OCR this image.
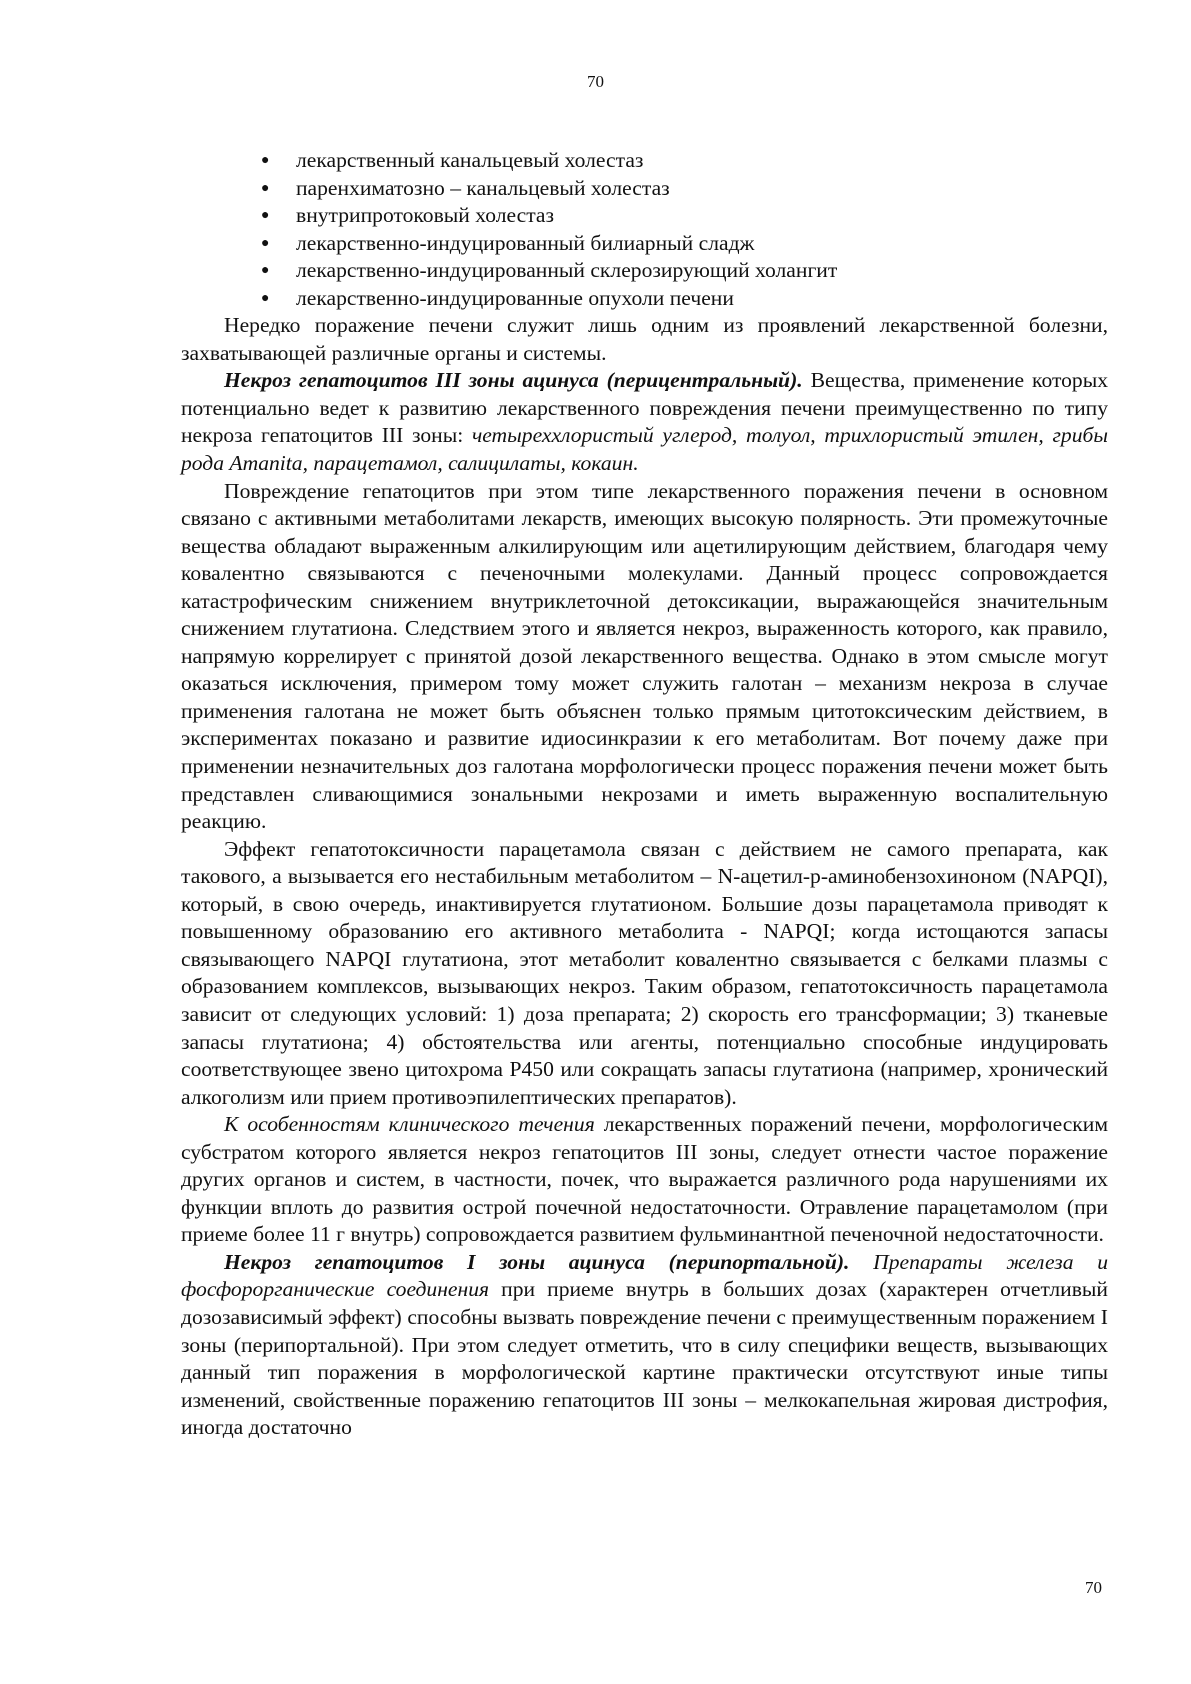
70
● лекарственный канальцевый холестаз
● паренхиматозно – канальцевый холестаз
● внутрипротоковый холестаз
● лекарственно-индуцированный билиарный сладж
● лекарственно-индуцированный склерозирующий холангит
● лекарственно-индуцированные опухоли печени

Нередко поражение печени служит лишь одним из проявлений лекарственной болезни, захватывающей различные органы и системы.

Некроз гепатоцитов III зоны ацинуса (перицентральный). Вещества, применение которых потенциально ведет к развитию лекарственного повреждения печени преимущественно по типу некроза гепатоцитов III зоны: четыреххлористый углерод, толуол, трихлористый этилен, грибы рода Amanita, парацетамол, салицилаты, кокаин.

Повреждение гепатоцитов при этом типе лекарственного поражения печени в основном связано с активными метаболитами лекарств, имеющих высокую полярность. Эти промежуточные вещества обладают выраженным алкилирующим или ацетилирующим действием, благодаря чему ковалентно связываются с печеночными молекулами. Данный процесс сопровождается катастрофическим снижением внутриклеточной детоксикации, выражающейся значительным снижением глутатиона. Следствием этого и является некроз, выраженность которого, как правило, напрямую коррелирует с принятой дозой лекарственного вещества. Однако в этом смысле могут оказаться исключения, примером тому может служить галотан – механизм некроза в случае применения галотана не может быть объяснен только прямым цитотоксическим действием, в экспериментах показано и развитие идиосинкразии к его метаболитам. Вот почему даже при применении незначительных доз галотана морфологически процесс поражения печени может быть представлен сливающимися зональными некрозами и иметь выраженную воспалительную реакцию.

Эффект гепатотоксичности парацетамола связан с действием не самого препарата, как такового, а вызывается его нестабильным метаболитом – N-ацетил-p-аминобензохиноном (NAPQI), который, в свою очередь, инактивируется глутатионом. Большие дозы парацетамола приводят к повышенному образованию его активного метаболита - NAPQI; когда истощаются запасы связывающего NAPQI глутатиона, этот метаболит ковалентно связывается с белками плазмы с образованием комплексов, вызывающих некроз. Таким образом, гепатотоксичность парацетамола зависит от следующих условий: 1) доза препарата; 2) скорость его трансформации; 3) тканевые запасы глутатиона; 4) обстоятельства или агенты, потенциально способные индуцировать соответствующее звено цитохрома P450 или сокращать запасы глутатиона (например, хронический алкоголизм или прием противоэпилептических препаратов).

К особенностям клинического течения лекарственных поражений печени, морфологическим субстратом которого является некроз гепатоцитов III зоны, следует отнести частое поражение других органов и систем, в частности, почек, что выражается различного рода нарушениями их функции вплоть до развития острой почечной недостаточности. Отравление парацетамолом (при приеме более 11 г внутрь) сопровождается развитием фульминантной печеночной недостаточности.

Некроз гепатоцитов I зоны ацинуса (перипортальной). Препараты железа и фосфорорганические соединения при приеме внутрь в больших дозах (характерен отчетливый дозозависимый эффект) способны вызвать повреждение печени с преимущественным поражением I зоны (перипортальной). При этом следует отметить, что в силу специфики веществ, вызывающих данный тип поражения в морфологической картине практически отсутствуют иные типы изменений, свойственные поражению гепатоцитов III зоны – мелкокапельная жировая дистрофия, иногда достаточно

70
